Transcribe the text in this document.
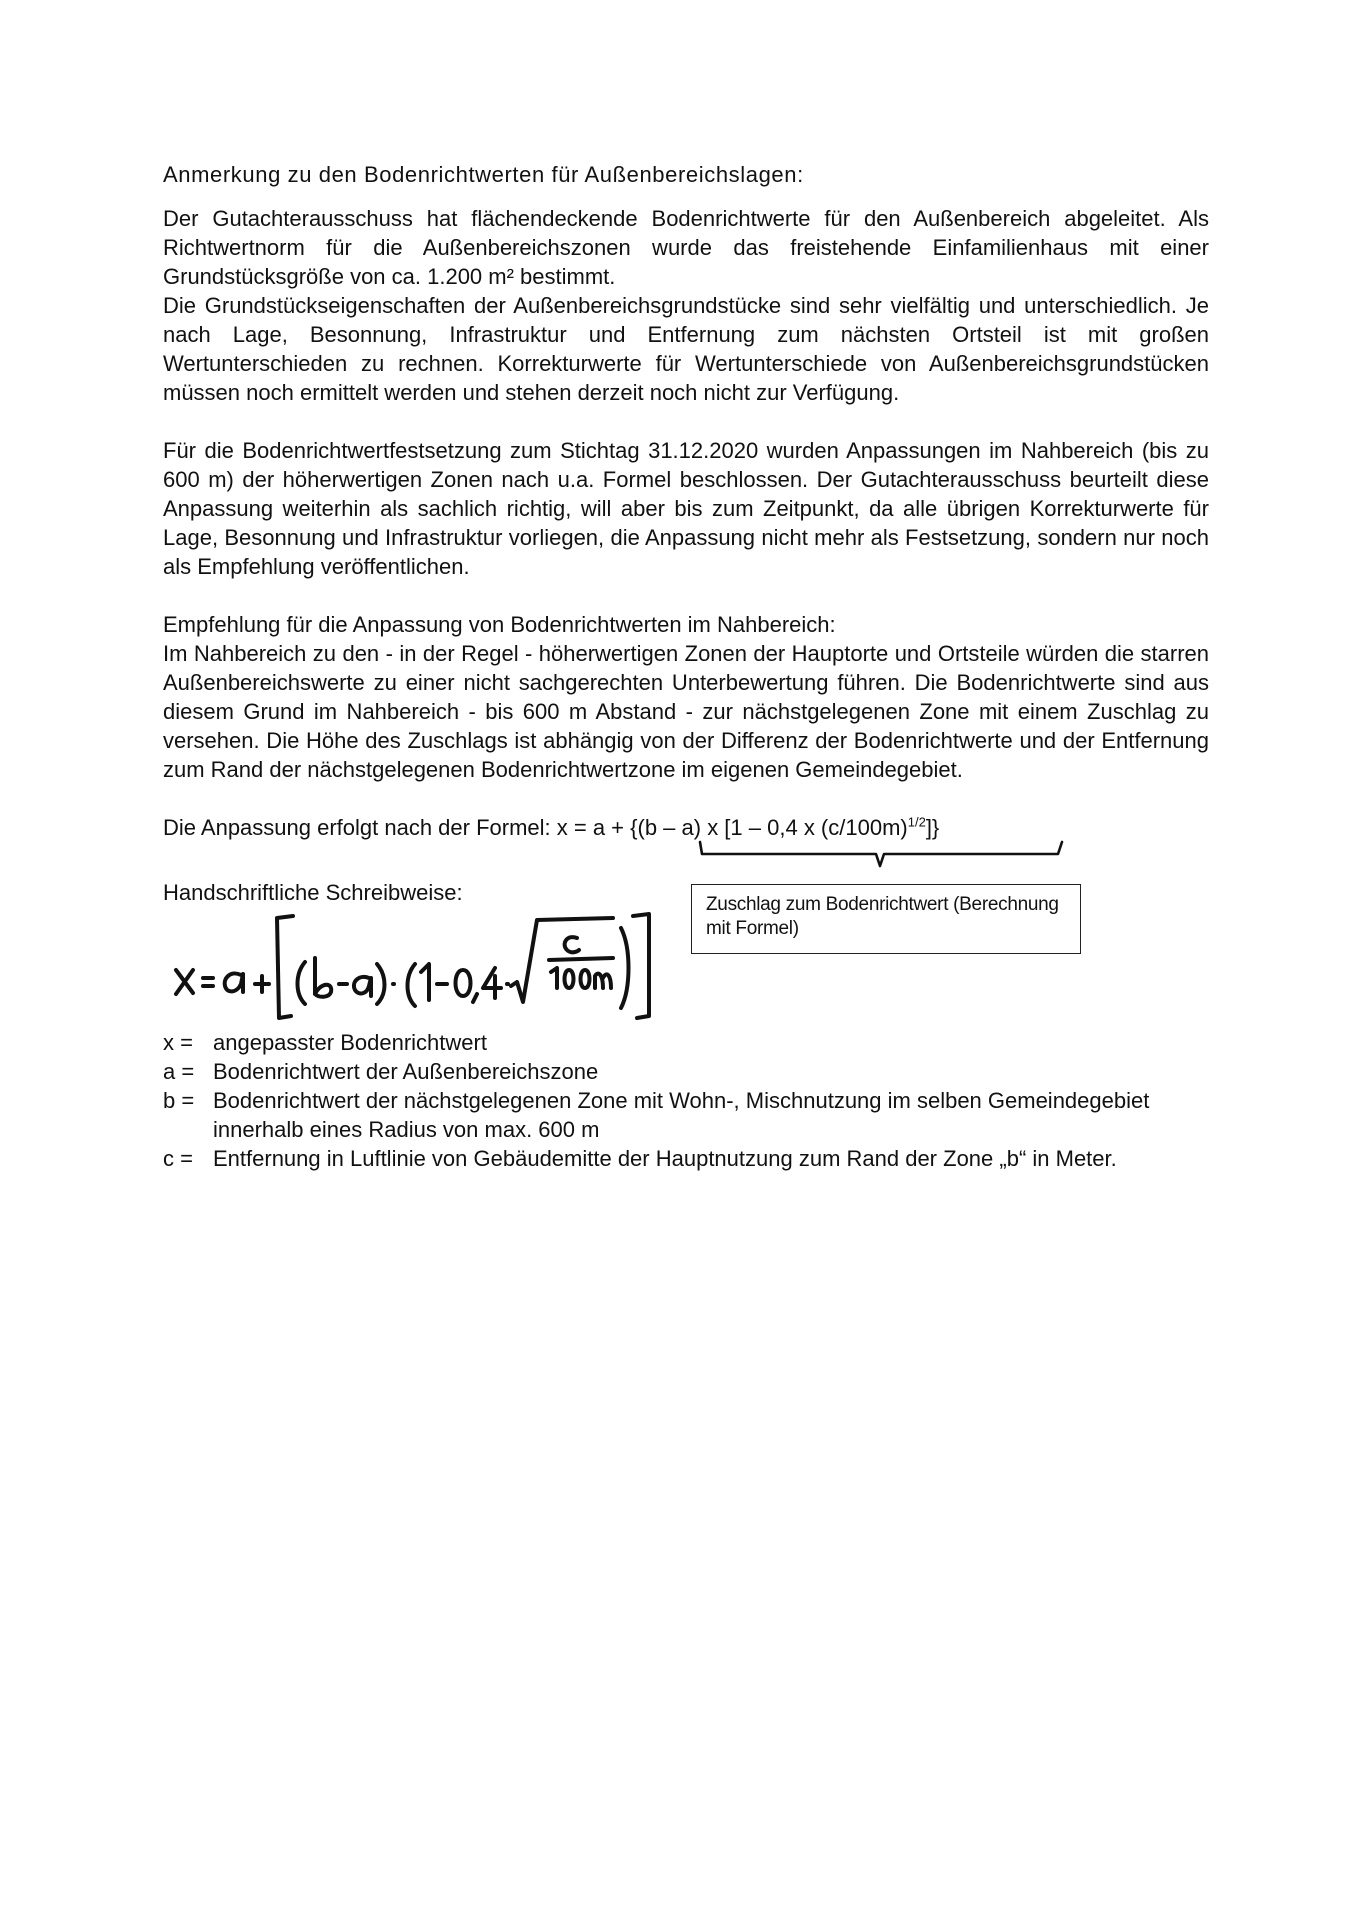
Anmerkung zu den Bodenrichtwerten für Außenbereichslagen:

Der Gutachterausschuss hat flächendeckende Bodenrichtwerte für den Außenbereich abgeleitet. Als Richtwertnorm für die Außenbereichszonen wurde das freistehende Einfamilienhaus mit einer Grundstücksgröße von ca. 1.200 m² bestimmt.

Die Grundstückseigenschaften der Außenbereichsgrundstücke sind sehr vielfältig und unterschiedlich. Je nach Lage, Besonnung, Infrastruktur und Entfernung zum nächsten Ortsteil ist mit großen Wertunterschieden zu rechnen. Korrekturwerte für Wertunterschiede von Außenbereichsgrundstücken müssen noch ermittelt werden und stehen derzeit noch nicht zur Verfügung.

Für die Bodenrichtwertfestsetzung zum Stichtag 31.12.2020 wurden Anpassungen im Nahbereich (bis zu 600 m) der höherwertigen Zonen nach u.a. Formel beschlossen. Der Gutachterausschuss beurteilt diese Anpassung weiterhin als sachlich richtig, will aber bis zum Zeitpunkt, da alle übrigen Korrekturwerte für Lage, Besonnung und Infrastruktur vorliegen, die Anpassung nicht mehr als Festsetzung, sondern nur noch als Empfehlung veröffentlichen.

Empfehlung für die Anpassung von Bodenrichtwerten im Nahbereich:

Im Nahbereich zu den - in der Regel - höherwertigen Zonen der Hauptorte und Ortsteile würden die starren Außenbereichswerte zu einer nicht sachgerechten Unterbewertung führen. Die Bodenrichtwerte sind aus diesem Grund im Nahbereich - bis 600 m Abstand - zur nächstgelegenen Zone mit einem Zuschlag zu versehen. Die Höhe des Zuschlags ist abhängig von der Differenz der Bodenrichtwerte und der Entfernung zum Rand der nächstgelegenen Bodenrichtwertzone im eigenen Gemeindegebiet.

Die Anpassung erfolgt nach der Formel: x = a + {(b – a) x [1 – 0,4 x $(c/100m)^{1/2}$]}
Handschriftliche Schreibweise:	Zuschlag zum Bodenrichtwert (Berechnung mit Formel)
x = angepasster Bodenrichtwert
a = Bodenrichtwert der Außenbereichszone
b = Bodenrichtwert der nächstgelegenen Zone mit Wohn-, Mischnutzung im selben Gemeindegebiet innerhalb eines Radius von max. 600 m
c = Entfernung in Luftlinie von Gebäudemitte der Hauptnutzung zum Rand der Zone „b“ in Meter.
